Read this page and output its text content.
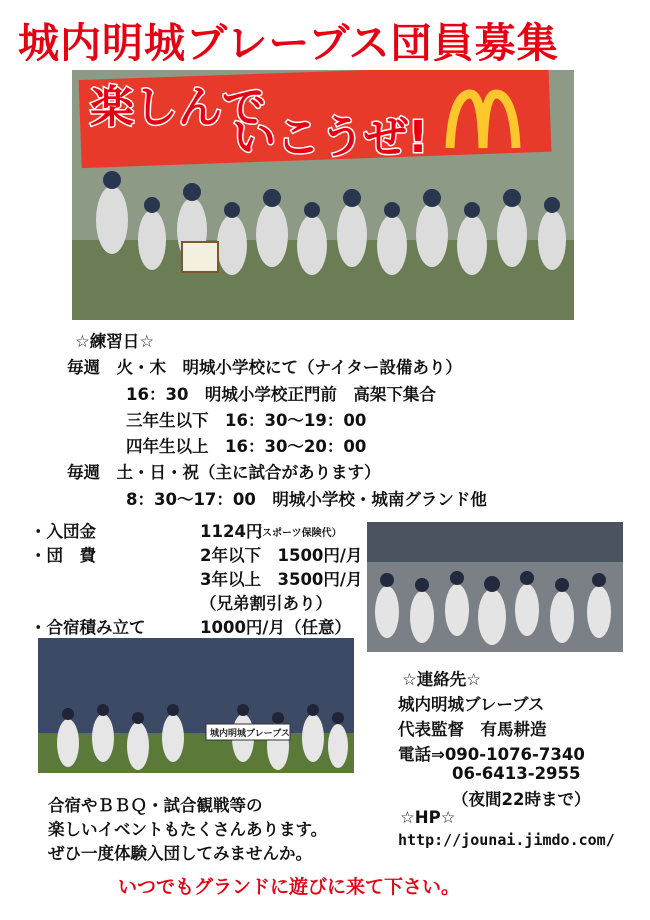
城内明城ブレーブス団員募集
楽しんで
いこうぜ!
☆練習日☆
毎週　火・木　明城小学校にて（ナイター設備あり）
16：30　明城小学校正門前　高架下集合
三年生以下　16：30～19：00
四年生以上　16：30～20：00
毎週　土・日・祝（主に試合があります）
8：30～17：00　明城小学校・城南グランド他
・入団金	1124円
（スポーツ保険代）
・団　費	2年以下　1500円/月
3年以上　3500円/月
（兄弟割引あり）
・合宿積み立て	1000円/月（任意）
城内明城ブレーブス
☆連絡先☆
城内明城ブレーブス
代表監督　有馬耕造
電話⇒090-1076-7340
06-6413-2955
（夜間22時まで）
☆HP☆
http://jounai.jimdo.com/
合宿やＢＢＱ・試合観戦等の
楽しいイベントもたくさんあります。
ぜひ一度体験入団してみませんか。
いつでもグランドに遊びに来て下さい。
